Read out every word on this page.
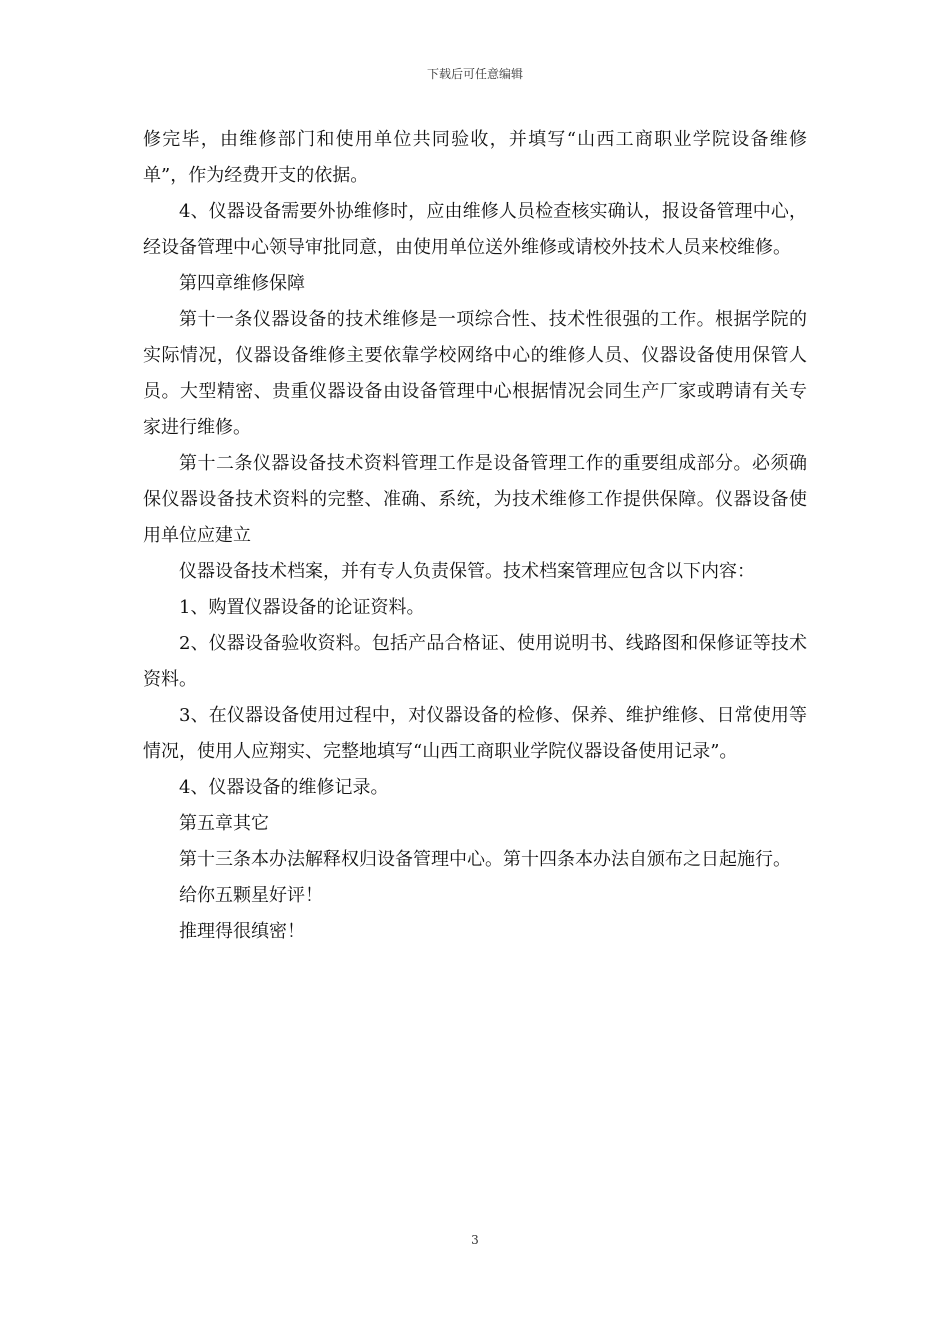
下载后可任意编辑

修完毕，由维修部门和使用单位共同验收，并填写“山西工商职业学院设备维修单”，作为经费开支的依据。

4、仪器设备需要外协维修时，应由维修人员检查核实确认，报设备管理中心，经设备管理中心领导审批同意，由使用单位送外维修或请校外技术人员来校维修。

第四章维修保障

第十一条仪器设备的技术维修是一项综合性、技术性很强的工作。根据学院的实际情况，仪器设备维修主要依靠学校网络中心的维修人员、仪器设备使用保管人员。大型精密、贵重仪器设备由设备管理中心根据情况会同生产厂家或聘请有关专家进行维修。

第十二条仪器设备技术资料管理工作是设备管理工作的重要组成部分。必须确保仪器设备技术资料的完整、准确、系统，为技术维修工作提供保障。仪器设备使用单位应建立

仪器设备技术档案，并有专人负责保管。技术档案管理应包含以下内容：

1、购置仪器设备的论证资料。

2、仪器设备验收资料。包括产品合格证、使用说明书、线路图和保修证等技术资料。

3、在仪器设备使用过程中，对仪器设备的检修、保养、维护维修、日常使用等情况，使用人应翔实、完整地填写“山西工商职业学院仪器设备使用记录”。

4、仪器设备的维修记录。

第五章其它

第十三条本办法解释权归设备管理中心。第十四条本办法自颁布之日起施行。

给你五颗星好评！

推理得很缜密！

3
